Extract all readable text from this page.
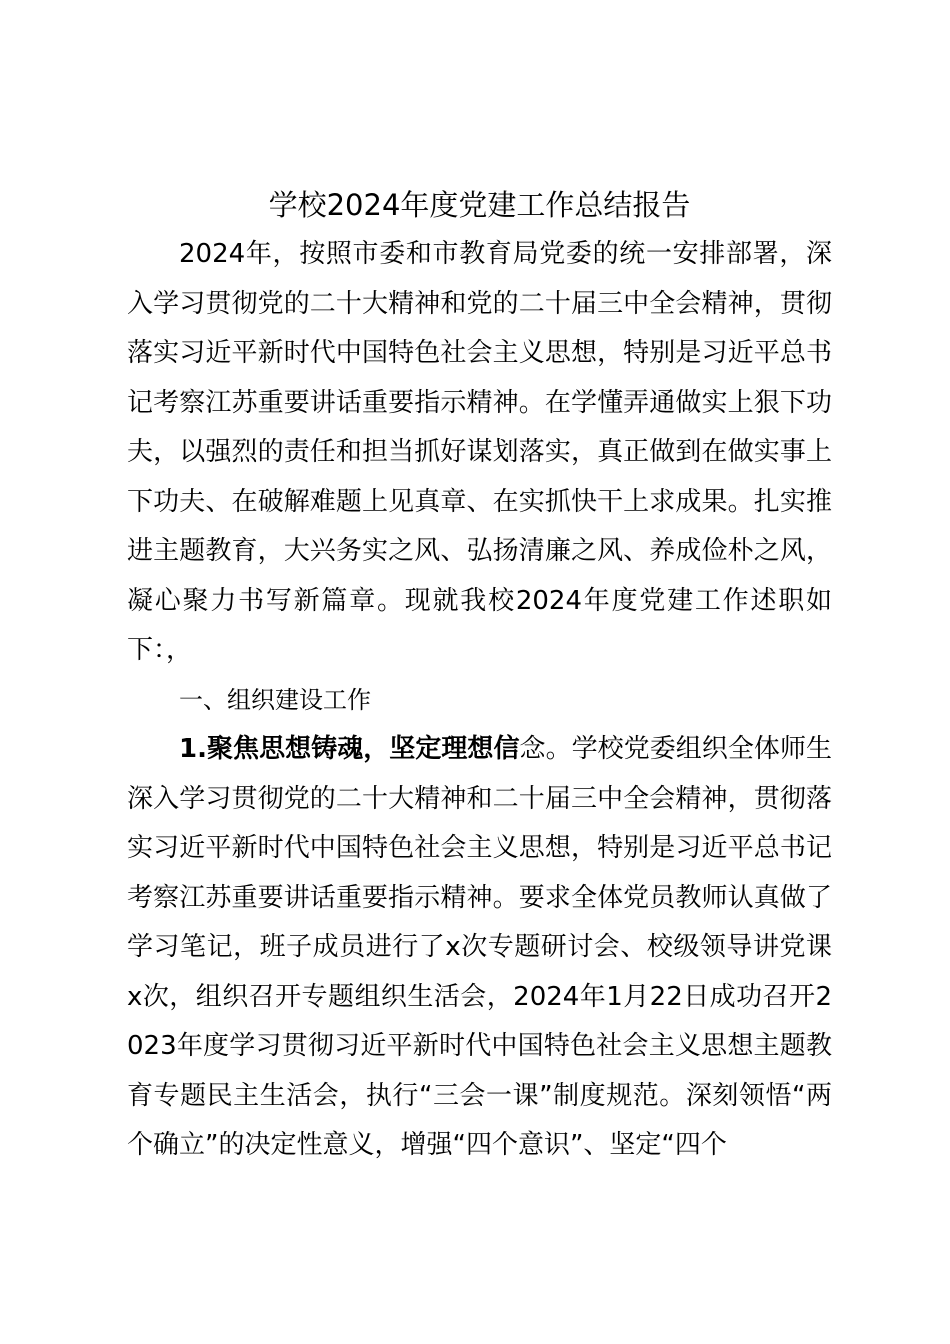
学校2024年度党建工作总结报告

2024年，按照市委和市教育局党委的统一安排部署，深入学习贯彻党的二十大精神和党的二十届三中全会精神，贯彻落实习近平新时代中国特色社会主义思想，特别是习近平总书记考察江苏重要讲话重要指示精神。在学懂弄通做实上狠下功夫，以强烈的责任和担当抓好谋划落实，真正做到在做实事上下功夫、在破解难题上见真章、在实抓快干上求成果。扎实推进主题教育，大兴务实之风、弘扬清廉之风、养成俭朴之风，凝心聚力书写新篇章。现就我校2024年度党建工作述职如下：，

一、组织建设工作

1.聚焦思想铸魂，坚定理想信念。学校党委组织全体师生深入学习贯彻党的二十大精神和二十届三中全会精神，贯彻落实习近平新时代中国特色社会主义思想，特别是习近平总书记考察江苏重要讲话重要指示精神。要求全体党员教师认真做了学习笔记，班子成员进行了x次专题研讨会、校级领导讲党课x次，组织召开专题组织生活会，2024年1月22日成功召开2023年度学习贯彻习近平新时代中国特色社会主义思想主题教育专题民主生活会，执行“三会一课”制度规范。深刻领悟“两个确立”的决定性意义，增强“四个意识”、坚定“四个
